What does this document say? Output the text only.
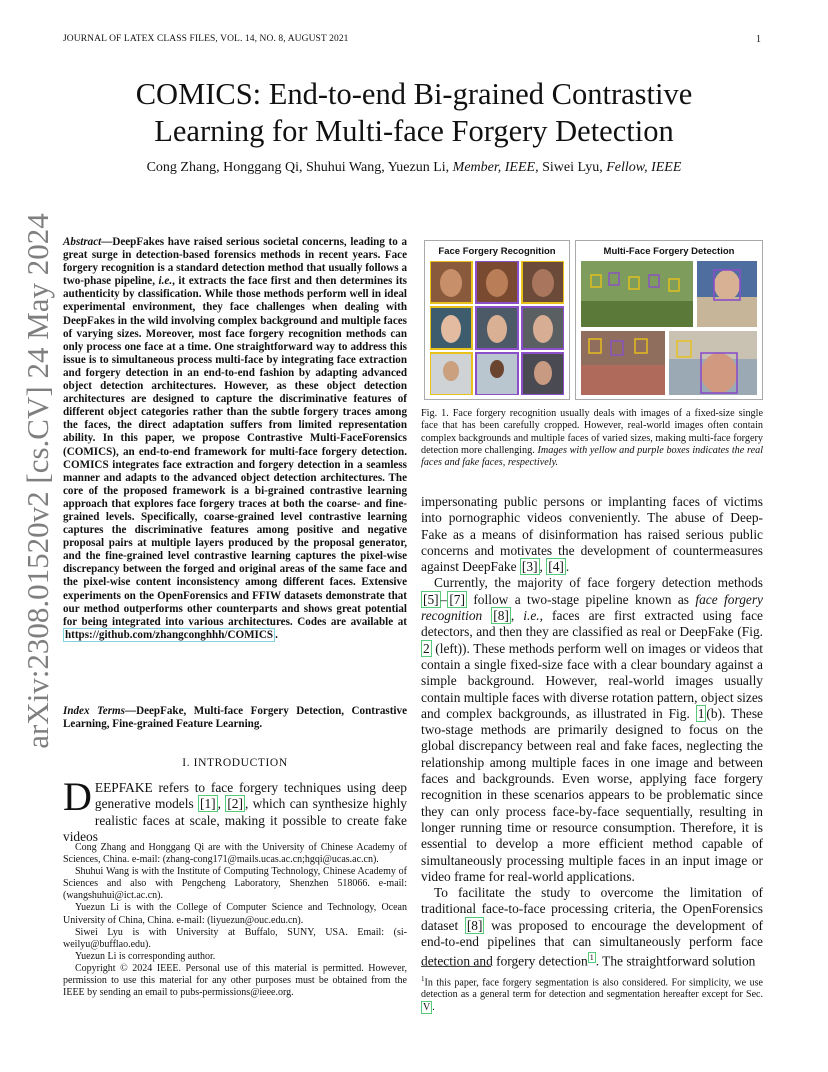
JOURNAL OF LATEX CLASS FILES, VOL. 14, NO. 8, AUGUST 2021	1
arXiv:2308.01520v2 [cs.CV] 24 May 2024
COMICS: End-to-end Bi-grained Contrastive
Learning for Multi-face Forgery Detection
Cong Zhang, Honggang Qi, Shuhui Wang, Yuezun Li, Member, IEEE, Siwei Lyu, Fellow, IEEE
Abstract—DeepFakes have raised serious societal concerns, leading to a great surge in detection-based forensics methods in recent years. Face forgery recognition is a standard detection method that usually follows a two-phase pipeline, i.e., it extracts the face first and then determines its authenticity by classification. While those methods perform well in ideal experimental environment, they face challenges when dealing with DeepFakes in the wild involving complex background and multiple faces of varying sizes. Moreover, most face forgery recognition methods can only process one face at a time. One straightforward way to address this issue is to simultaneous process multi-face by integrating face extraction and forgery detection in an end-to-end fashion by adapting advanced object detection architectures. However, as these object detection architectures are designed to capture the discriminative features of different object categories rather than the subtle forgery traces among the faces, the direct adaptation suffers from limited representation ability. In this paper, we propose Contrastive Multi-FaceForensics (COMICS), an end-to-end framework for multi-face forgery detection. COMICS integrates face extraction and forgery detection in a seamless manner and adapts to the advanced object detection architectures. The core of the proposed framework is a bi-grained contrastive learning approach that explores face forgery traces at both the coarse- and fine-grained levels. Specifically, coarse-grained level contrastive learning captures the discriminative features among positive and negative proposal pairs at multiple layers produced by the proposal generator, and the fine-grained level contrastive learning captures the pixel-wise discrepancy between the forged and original areas of the same face and the pixel-wise content inconsistency among different faces. Extensive experiments on the OpenForensics and FFIW datasets demonstrate that our method outperforms other counterparts and shows great potential for being integrated into various architectures. Codes are available at https://github.com/zhangconghhh/COMICS .
Index Terms—DeepFake, Multi-face Forgery Detection, Contrastive Learning, Fine-grained Feature Learning.
I. INTRODUCTION
DEEPFAKE refers to face forgery techniques using deep generative models [1] , [2] , which can synthesize highly realistic faces at scale, making it possible to create fake videos

Cong Zhang and Honggang Qi are with the University of Chinese Academy of Sciences, China. e-mail: (zhang-cong171@mails.ucas.ac.cn;hgqi@ucas.ac.cn).

Shuhui Wang is with the Institute of Computing Technology, Chinese Academy of Sciences and also with Pengcheng Laboratory, Shenzhen 518066. e-mail:(wangshuhui@ict.ac.cn).

Yuezun Li is with the College of Computer Science and Technology, Ocean University of China, China. e-mail: (liyuezun@ouc.edu.cn).

Siwei Lyu is with University at Buffalo, SUNY, USA. Email: (si-weilyu@bufflao.edu).

Yuezun Li is corresponding author.

Copyright © 2024 IEEE. Personal use of this material is permitted. However, permission to use this material for any other purposes must be obtained from the IEEE by sending an email to pubs-permissions@ieee.org.

Face Forgery Recognition	Multi-Face Forgery Detection
Fig. 1. Face forgery recognition usually deals with images of a fixed-size single face that has been carefully cropped. However, real-world images often contain complex backgrounds and multiple faces of varied sizes, making multi-face forgery detection more challenging. Images with yellow and purple boxes indicates the real faces and fake faces, respectively.

impersonating public persons or implanting faces of victims into pornographic videos conveniently. The abuse of Deep-Fake as a means of disinformation has raised serious public concerns and motivates the development of countermeasures against DeepFake [3] , [4] .

Currently, the majority of face forgery detection methods [5] – [7] follow a two-stage pipeline known as face forgery recognition [8] , i.e., faces are first extracted using face detectors, and then they are classified as real or DeepFake (Fig. 2 (left)). These methods perform well on images or videos that contain a single fixed-size face with a clear boundary against a simple background. However, real-world images usually contain multiple faces with diverse rotation pattern, object sizes and complex backgrounds, as illustrated in Fig. 1 (b). These two-stage methods are primarily designed to focus on the global discrepancy between real and fake faces, neglecting the relationship among multiple faces in one image and between faces and backgrounds. Even worse, applying face forgery recognition in these scenarios appears to be problematic since they can only process face-by-face sequentially, resulting in longer running time or resource consumption. Therefore, it is essential to develop a more efficient method capable of simultaneously processing multiple faces in an input image or video frame for real-world applications.

To facilitate the study to overcome the limitation of traditional face-to-face processing criteria, the OpenForensics dataset [8] was proposed to encourage the development of end-to-end pipelines that can simultaneously perform face detection and forgery detection $^1$ . The straightforward solution

$^1$In this paper, face forgery segmentation is also considered. For simplicity, we use detection as a general term for detection and segmentation hereafter except for Sec. V .
